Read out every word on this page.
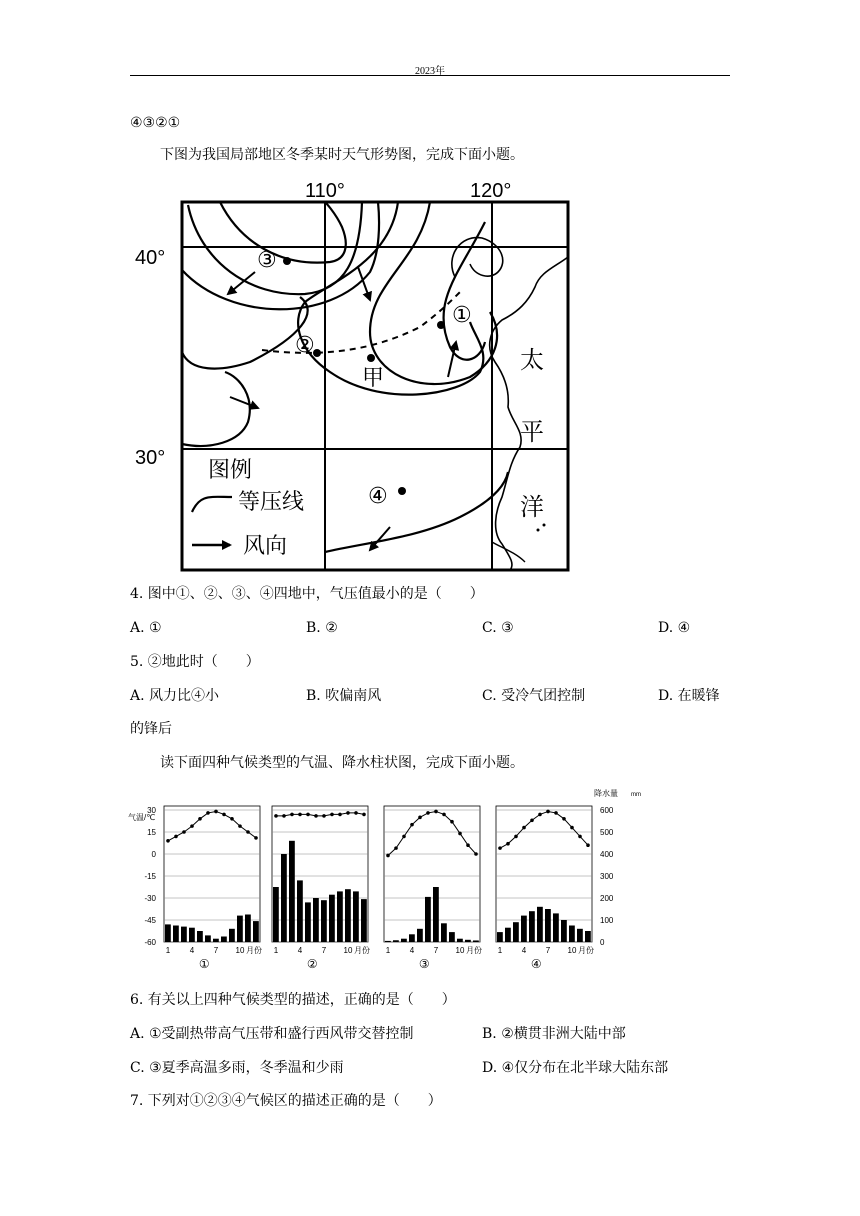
2023年
④③②①
下图为我国局部地区冬季某时天气形势图，完成下面小题。
110°	120°
40°
30°
③
①
②
甲
④
太
平
洋
图例
等压线
风向
4. 图中①、②、③、④四地中，气压值最小的是（　　）
A. ①	B. ②	C. ③	D. ④
5. ②地此时（　　）
A. 风力比④小	B. 吹偏南风	C. 受冷气团控制	D. 在暖锋
的锋后
读下面四种气候类型的气温、降水柱状图，完成下面小题。
气温/℃
降水量 mm
30
15
0
-15
-30
-45
-60
600
500
400
300
200
100
0
1 4 7 10 月份
①
1 4 7 10 月份
②
1 4 7 10 月份
③
1 4 7 10 月份
④
6. 有关以上四种气候类型的描述，正确的是（　　）
A. ①受副热带高气压带和盛行西风带交替控制	B. ②横贯非洲大陆中部
C. ③夏季高温多雨，冬季温和少雨	D. ④仅分布在北半球大陆东部
7. 下列对①②③④气候区的描述正确的是（　　）
